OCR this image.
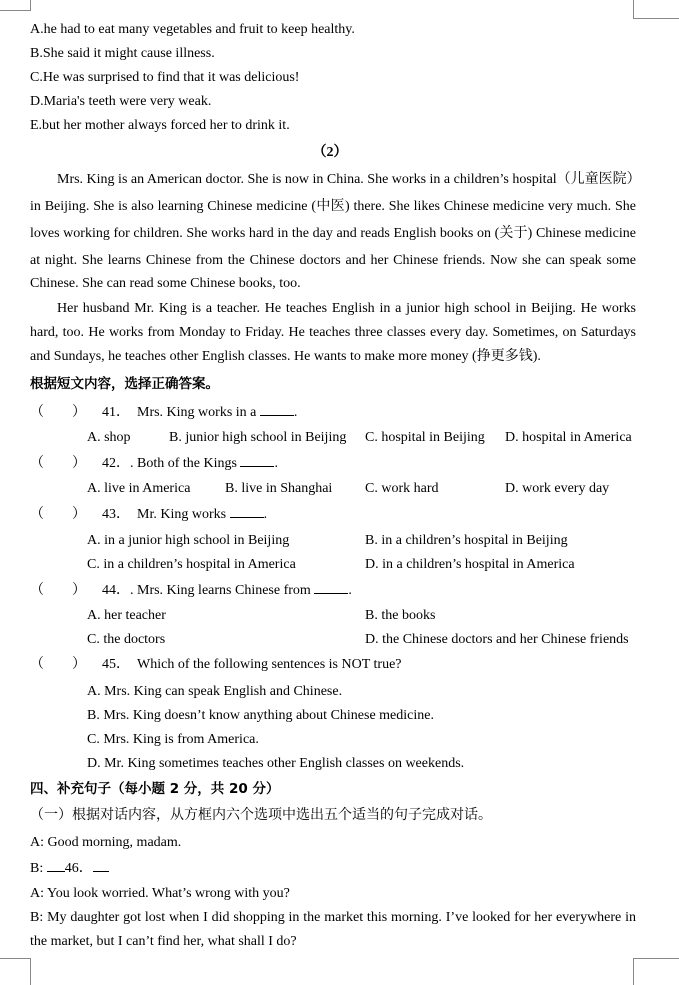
A.he had to eat many vegetables and fruit to keep healthy.
B.She said it might cause illness.
C.He was surprised to find that it was delicious!
D.Maria's teeth were very weak.
E.but her mother always forced her to drink it.
（2）
Mrs. King is an American doctor. She is now in China. She works in a children’s hospital（儿童医院）
in Beijing. She is also learning Chinese medicine (中医) there. She likes Chinese medicine very much. She
loves working for children. She works hard in the day and reads English books on (关于) Chinese medicine
at night. She learns Chinese from the Chinese doctors and her Chinese friends. Now she can speak some
Chinese. She can read some Chinese books, too.
Her husband Mr. King is a teacher. He teaches English in a junior high school in Beijing. He works
hard, too. He works from Monday to Friday. He teaches three classes every day. Sometimes, on Saturdays
and Sundays, he teaches other English classes. He wants to make more money (挣更多钱).
根据短文内容，选择正确答案。
（　　） 41． Mrs. King works in a	.
A. shop	B. junior high school in Beijing C. hospital in Beijing D. hospital in America
（　　） 42．. Both of the Kings	.
A. live in America B. live in Shanghai C. work hard	D. work every day
（　　） 43． Mr. King works	.
A. in a junior high school in Beijing	B. in a children’s hospital in Beijing
C. in a children’s hospital in America	D. in a children’s hospital in America
（　　） 44．. Mrs. King learns Chinese from	.
A. her teacher	B. the books
C. the doctors	D. the Chinese doctors and her Chinese friends
（　　） 45． Which of the following sentences is NOT true?
A. Mrs. King can speak English and Chinese.
B. Mrs. King doesn’t know anything about Chinese medicine.
C. Mrs. King is from America.
D. Mr. King sometimes teaches other English classes on weekends.
四、补充句子（每小题 2 分，共 20 分）
（一）根据对话内容，从方框内六个选项中选出五个适当的句子完成对话。
A: Good morning, madam.
B: 46．
A: You look worried. What’s wrong with you?
B: My daughter got lost when I did shopping in the market this morning. I’ve looked for her everywhere in
the market, but I can’t find her, what shall I do?
